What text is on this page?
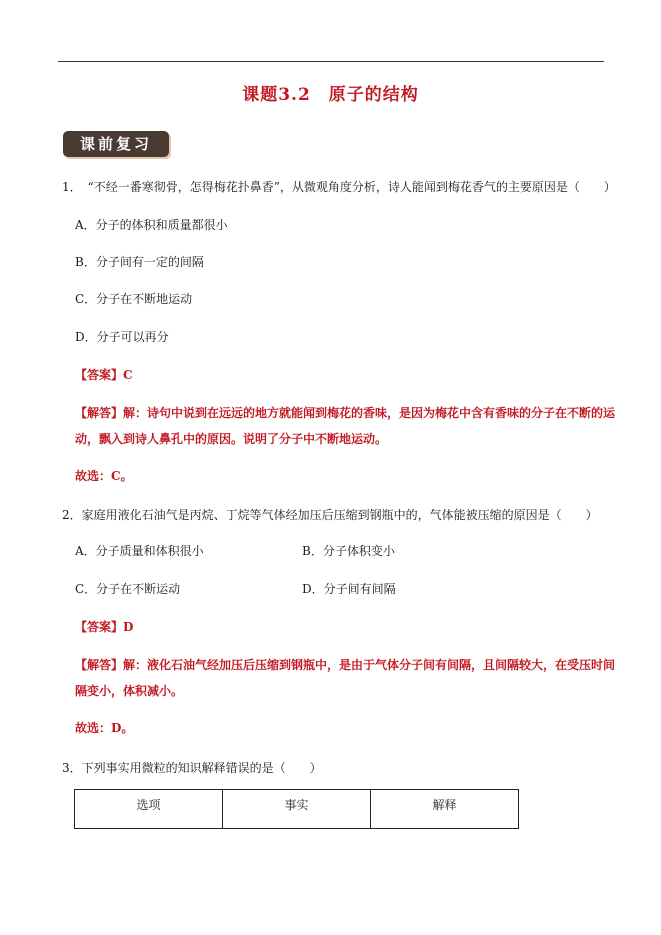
课题3.2　原子的结构
课前复习
1．　“不经一番寒彻骨，怎得梅花扑鼻香”，从微观角度分析，诗人能闻到梅花香气的主要原因是（　　）
A．分子的体积和质量都很小
B．分子间有一定的间隔
C．分子在不断地运动
D．分子可以再分
【答案】C
【解答】解：诗句中说到在远远的地方就能闻到梅花的香味，是因为梅花中含有香味的分子在不断的运
动，飘入到诗人鼻孔中的原因。说明了分子中不断地运动。
故选：C。
2．家庭用液化石油气是丙烷、丁烷等气体经加压后压缩到钢瓶中的，气体能被压缩的原因是（　　）
A．分子质量和体积很小	B．分子体积变小
C．分子在不断运动	D．分子间有间隔
【答案】D
【解答】解：液化石油气经加压后压缩到钢瓶中，是由于气体分子间有间隔，且间隔较大，在受压时间
隔变小，体积减小。
故选：D。
3．下列事实用微粒的知识解释错误的是（　　）
选项	事实	解释
